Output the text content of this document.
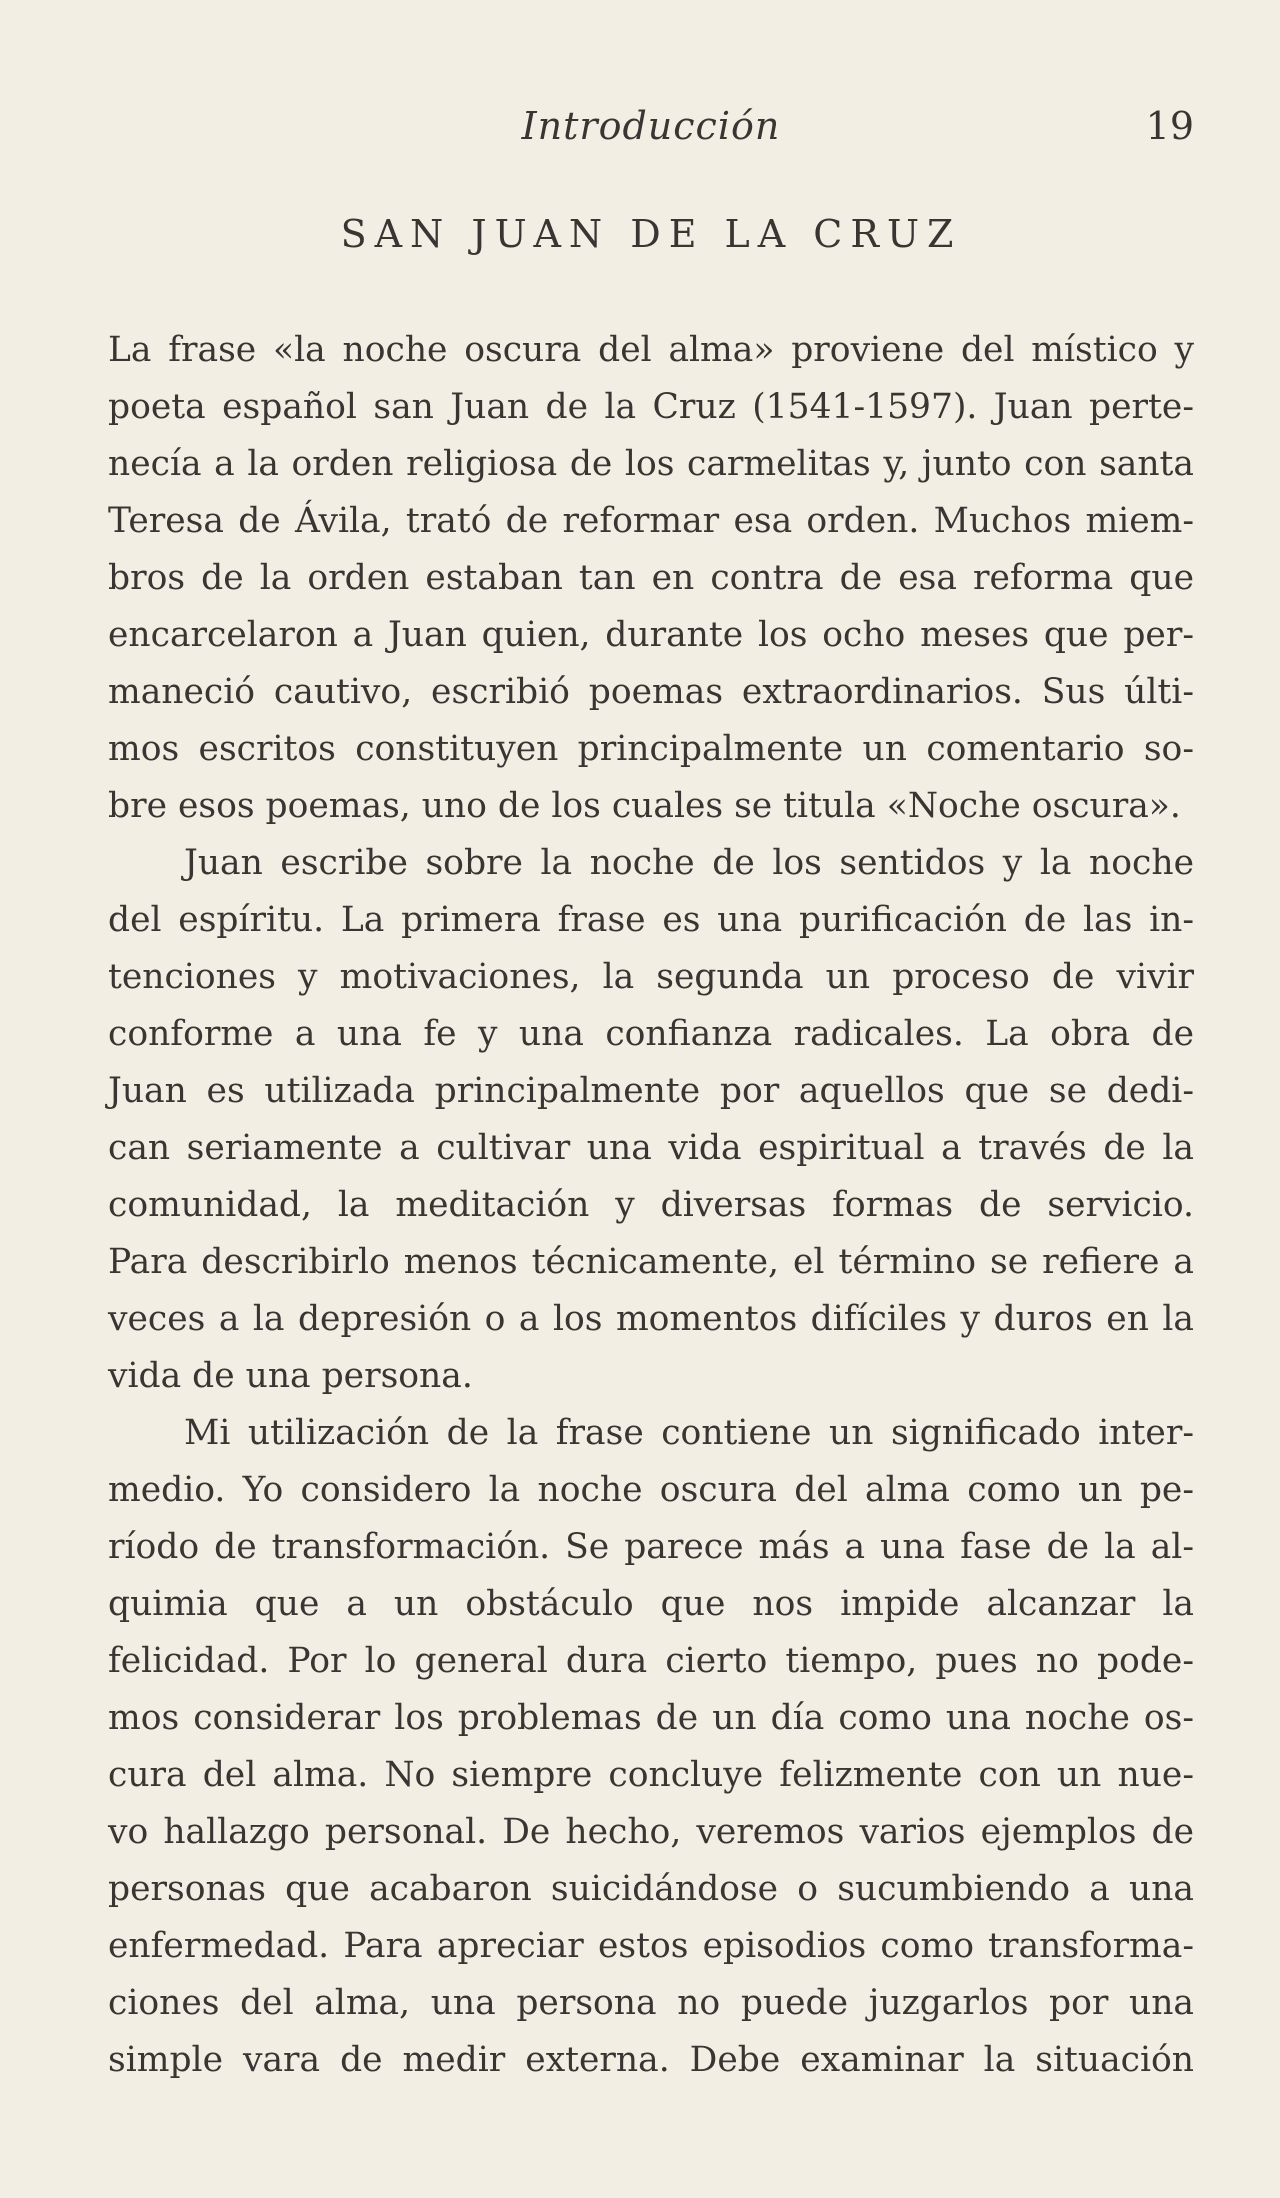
Introducción	19
SAN JUAN DE LA CRUZ
La frase «la noche oscura del alma» proviene del místico y
poeta español san Juan de la Cruz (1541-1597). Juan perte-
necía a la orden religiosa de los carmelitas y, junto con santa
Teresa de Ávila, trató de reformar esa orden. Muchos miem-
bros de la orden estaban tan en contra de esa reforma que
encarcelaron a Juan quien, durante los ocho meses que per-
maneció cautivo, escribió poemas extraordinarios. Sus últi-
mos escritos constituyen principalmente un comentario so-
bre esos poemas, uno de los cuales se titula «Noche oscura».
Juan escribe sobre la noche de los sentidos y la noche
del espíritu. La primera frase es una purificación de las in-
tenciones y motivaciones, la segunda un proceso de vivir
conforme a una fe y una confianza radicales. La obra de
Juan es utilizada principalmente por aquellos que se dedi-
can seriamente a cultivar una vida espiritual a través de la
comunidad, la meditación y diversas formas de servicio.
Para describirlo menos técnicamente, el término se refiere a
veces a la depresión o a los momentos difíciles y duros en la
vida de una persona.
Mi utilización de la frase contiene un significado inter-
medio. Yo considero la noche oscura del alma como un pe-
ríodo de transformación. Se parece más a una fase de la al-
quimia que a un obstáculo que nos impide alcanzar la
felicidad. Por lo general dura cierto tiempo, pues no pode-
mos considerar los problemas de un día como una noche os-
cura del alma. No siempre concluye felizmente con un nue-
vo hallazgo personal. De hecho, veremos varios ejemplos de
personas que acabaron suicidándose o sucumbiendo a una
enfermedad. Para apreciar estos episodios como transforma-
ciones del alma, una persona no puede juzgarlos por una
simple vara de medir externa. Debe examinar la situación
